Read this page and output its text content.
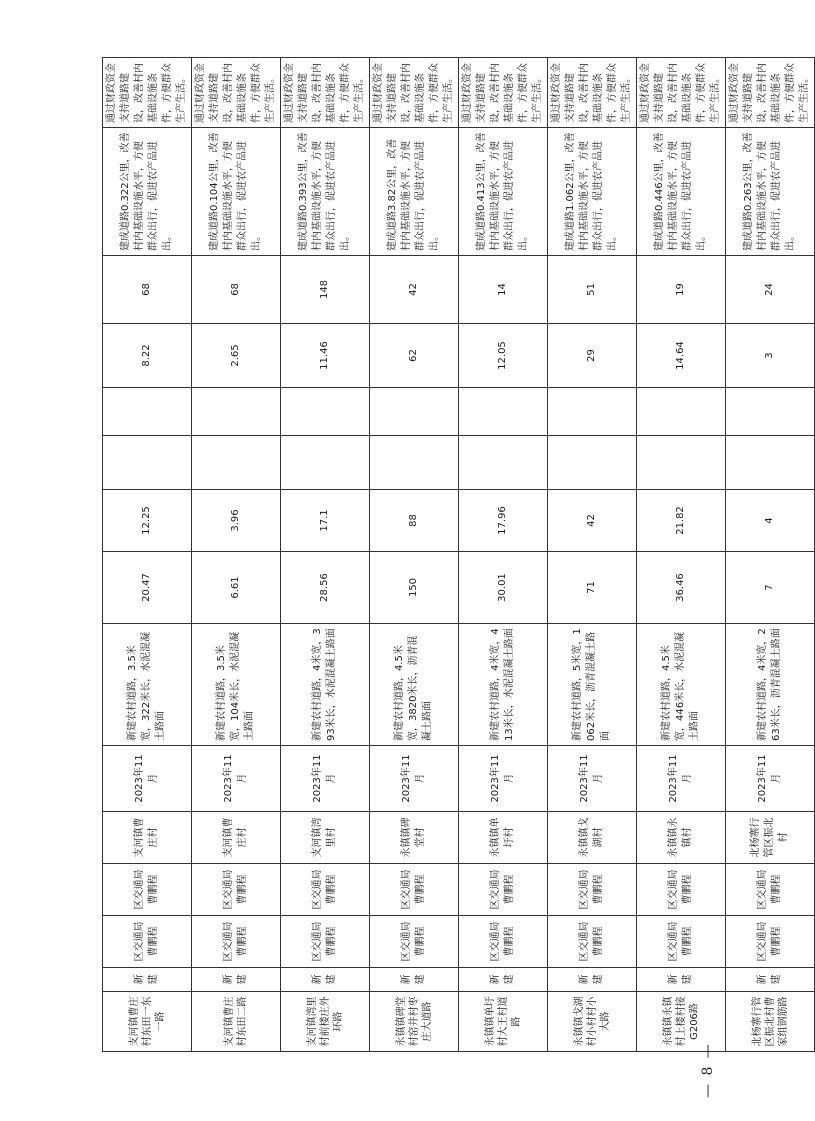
支河镇曹庄村东田一东一路	新建	区交通局曹鹏程	区交通局曹鹏程	支河镇曹庄村	2023年11月	新建农村道路，3.5米宽，322米长，水泥混凝土路面	20.47	12.25			8.22	68	建成道路0.322公里，改善村内基础设施水平，方便群众出行，促进农产品进出。	通过财政资金支持道路建设，改善村内基础设施条件，方便群众生产生活。
支河镇曹庄村东田二路	新建	区交通局曹鹏程	区交通局曹鹏程	支河镇曹庄村	2023年11月	新建农村道路，3.5米宽，104米长，水泥混凝土路面	6.61	3.96			2.65	68	建成道路0.104公里，改善村内基础设施水平，方便群众出行，促进农产品进出。	通过财政资金支持道路建设，改善村内基础设施条件，方便群众生产生活。
支河镇湾里村前楼庄外环路	新建	区交通局曹鹏程	区交通局曹鹏程	支河镇湾里村	2023年11月	新建农村道路，4米宽，393米长，水泥混凝土路面	28.56	17.1			11.46	148	建成道路0.393公里，改善村内基础设施水平，方便群众出行，促进农产品进出。	通过财政资金支持道路建设，改善村内基础设施条件，方便群众生产生活。
永镇镇碑堂村窑井村枣庄大道路	新建	区交通局曹鹏程	区交通局曹鹏程	永镇镇碑堂村	2023年11月	新建农村道路，4.5米宽，3820米长，沥青混凝土路面	150	88			62	42	建成道路3.82公里，改善村内基础设施水平，方便群众出行，促进农产品进出。	通过财政资金支持道路建设，改善村内基础设施条件，方便群众生产生活。
永镇镇单圩村大王村道路	新建	区交通局曹鹏程	区交通局曹鹏程	永镇镇单圩村	2023年11月	新建农村道路，4米宽，413米长，水泥混凝土路面	30.01	17.96			12.05	14	建成道路0.413公里，改善村内基础设施水平，方便群众出行，促进农产品进出。	通过财政资金支持道路建设，改善村内基础设施条件，方便群众生产生活。
永镇镇戈湖村小村村小大路	新建	区交通局曹鹏程	区交通局曹鹏程	永镇镇戈湖村	2023年11月	新建农村道路，5米宽，1062米长，沥青混凝土路面	71	42			29	51	建成道路1.062公里，改善村内基础设施水平，方便群众出行，促进农产品进出。	通过财政资金支持道路建设，改善村内基础设施条件，方便群众生产生活。
永镇镇永镇村上楼村接G206路	新建	区交通局曹鹏程	区交通局曹鹏程	永镇镇永镇村	2023年11月	新建农村道路，4.5米宽，446米长，水泥混凝土路面	36.46	21.82			14.64	19	建成道路0.446公里，改善村内基础设施水平，方便群众出行，促进农产品进出。	通过财政资金支持道路建设，改善村内基础设施条件，方便群众生产生活。
北杨寨行管区振北村曹家组钢筋路	新建	区交通局曹鹏程	区交通局曹鹏程	北杨寨行管区振北村	2023年11月	新建农村道路，4米宽，263米长，沥青混凝土路面	7	4			3	24	建成道路0.263公里，改善村内基础设施水平，方便群众出行，促进农产品进出。	通过财政资金支持道路建设，改善村内基础设施条件，方便群众生产生活。
— 8 —
